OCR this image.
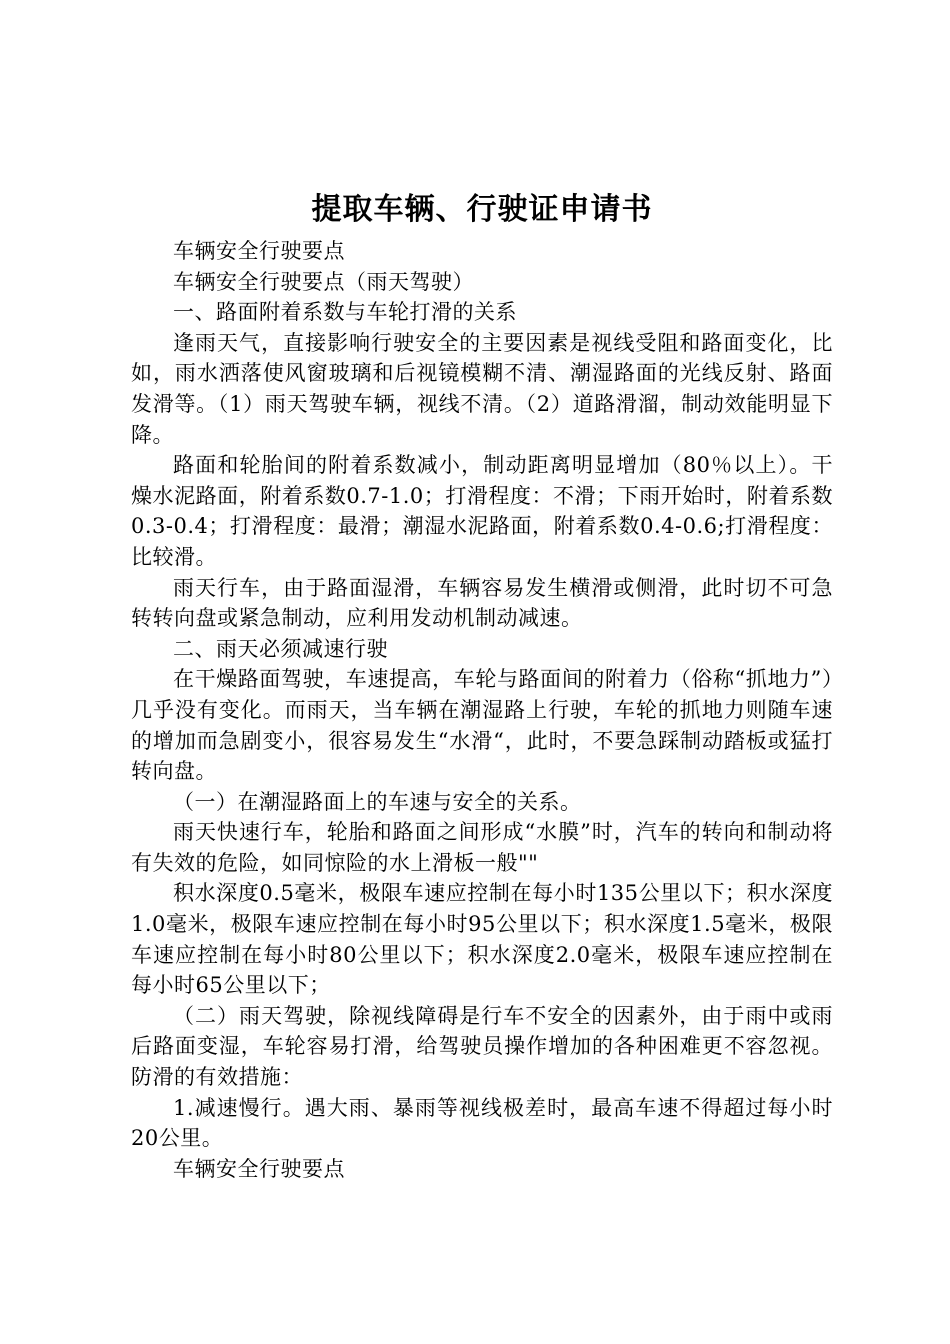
提取车辆、行驶证申请书

车辆安全行驶要点

车辆安全行驶要点（雨天驾驶）

一、路面附着系数与车轮打滑的关系

逢雨天气，直接影响行驶安全的主要因素是视线受阻和路面变化，比如，雨水洒落使风窗玻璃和后视镜模糊不清、潮湿路面的光线反射、路面发滑等。（1）雨天驾驶车辆，视线不清。（2）道路滑溜，制动效能明显下降。

路面和轮胎间的附着系数减小，制动距离明显增加（80％以上）。干燥水泥路面，附着系数0.7-1.0；打滑程度：不滑；下雨开始时，附着系数0.3-0.4；打滑程度：最滑；潮湿水泥路面，附着系数0.4-0.6;打滑程度：比较滑。

雨天行车，由于路面湿滑，车辆容易发生横滑或侧滑，此时切不可急转转向盘或紧急制动，应利用发动机制动减速。

二、雨天必须减速行驶

在干燥路面驾驶，车速提高，车轮与路面间的附着力（俗称“抓地力”）几乎没有变化。而雨天，当车辆在潮湿路上行驶，车轮的抓地力则随车速的增加而急剧变小，很容易发生“水滑“，此时，不要急踩制动踏板或猛打转向盘。

（一）在潮湿路面上的车速与安全的关系。

雨天快速行车，轮胎和路面之间形成“水膜”时，汽车的转向和制动将有失效的危险，如同惊险的水上滑板一般""

积水深度0.5毫米，极限车速应控制在每小时135公里以下；积水深度1.0毫米，极限车速应控制在每小时95公里以下；积水深度1.5毫米，极限车速应控制在每小时80公里以下；积水深度2.0毫米，极限车速应控制在每小时65公里以下；

（二）雨天驾驶，除视线障碍是行车不安全的因素外，由于雨中或雨后路面变湿，车轮容易打滑，给驾驶员操作增加的各种困难更不容忽视。防滑的有效措施：

1.减速慢行。遇大雨、暴雨等视线极差时，最高车速不得超过每小时20公里。

车辆安全行驶要点
